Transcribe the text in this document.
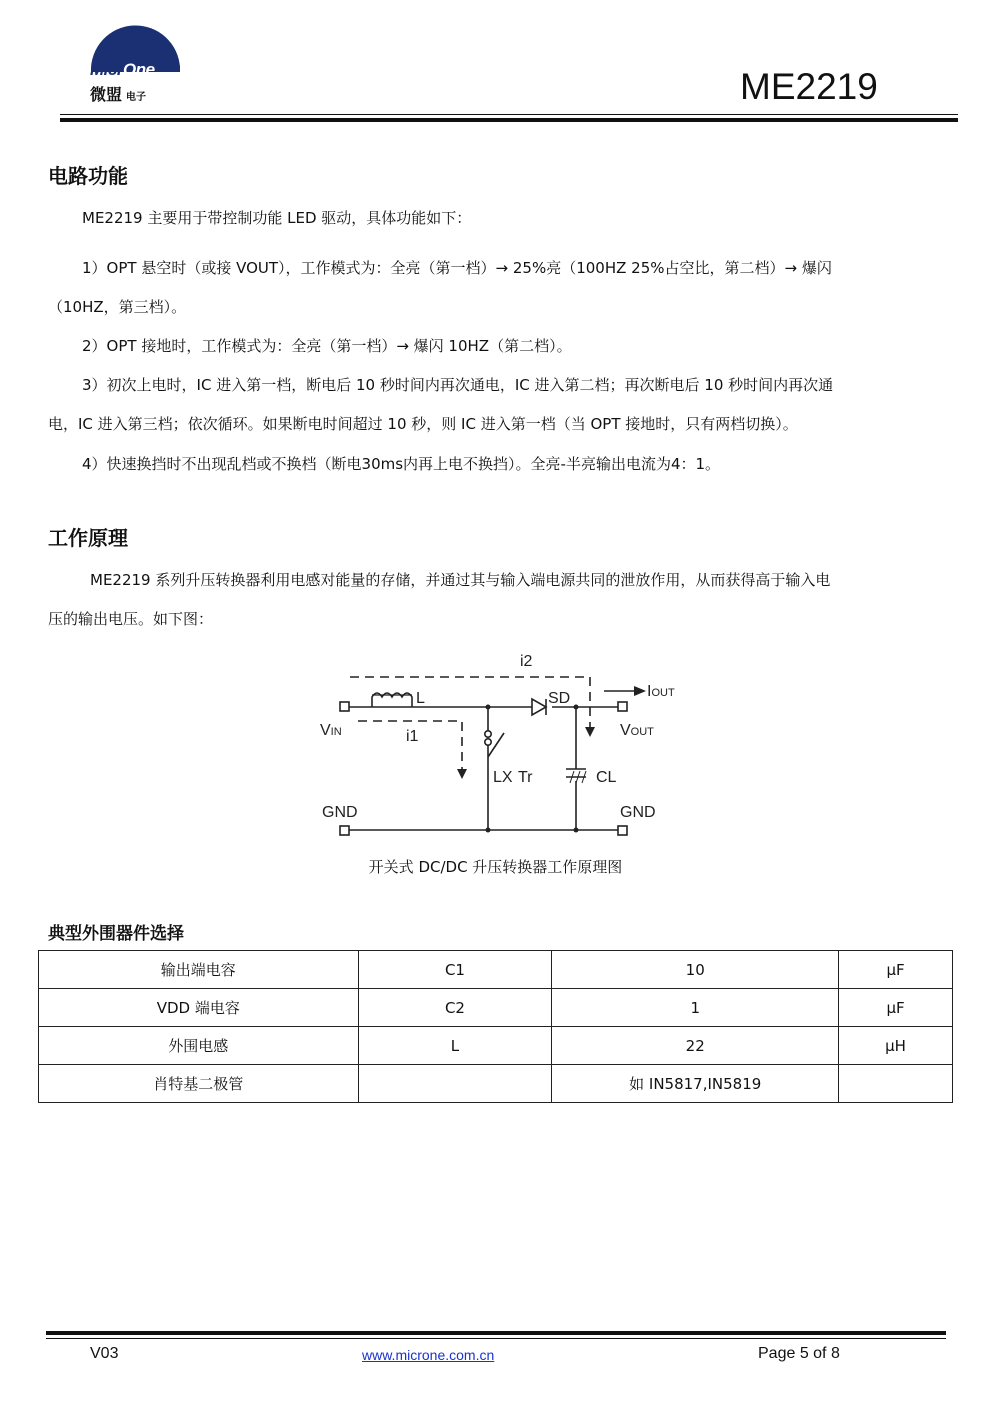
MicrOne
微盟 电子	ME2219
电路功能
ME2219 主要用于带控制功能 LED 驱动，具体功能如下：
1）OPT 悬空时（或接 VOUT），工作模式为：全亮（第一档）→ 25%亮（100HZ 25%占空比，第二档）→ 爆闪
（10HZ，第三档）。
2）OPT 接地时，工作模式为：全亮（第一档）→ 爆闪 10HZ（第二档）。
3）初次上电时，IC 进入第一档，断电后 10 秒时间内再次通电，IC 进入第二档；再次断电后 10 秒时间内再次通
电，IC 进入第三档；依次循环。如果断电时间超过 10 秒，则 IC 进入第一档（当 OPT 接地时，只有两档切换）。
4）快速换挡时不出现乱档或不换档（断电30ms内再上电不换挡）。全亮-半亮输出电流为4：1。
工作原理
ME2219 系列升压转换器利用电感对能量的存储，并通过其与输入端电源共同的泄放作用，从而获得高于输入电
压的输出电压。如下图：
i2
IOUT
L	SD
VIN	VOUT
i1
LX Tr	CL
GND	GND
开关式 DC/DC 升压转换器工作原理图
典型外围器件选择
输出端电容	C1	10	μF
VDD 端电容	C2	1	μF
外围电感	L	22	μH
肖特基二极管		如 IN5817,IN5819	
V03	www.microne.com.cn	Page 5 of 8
